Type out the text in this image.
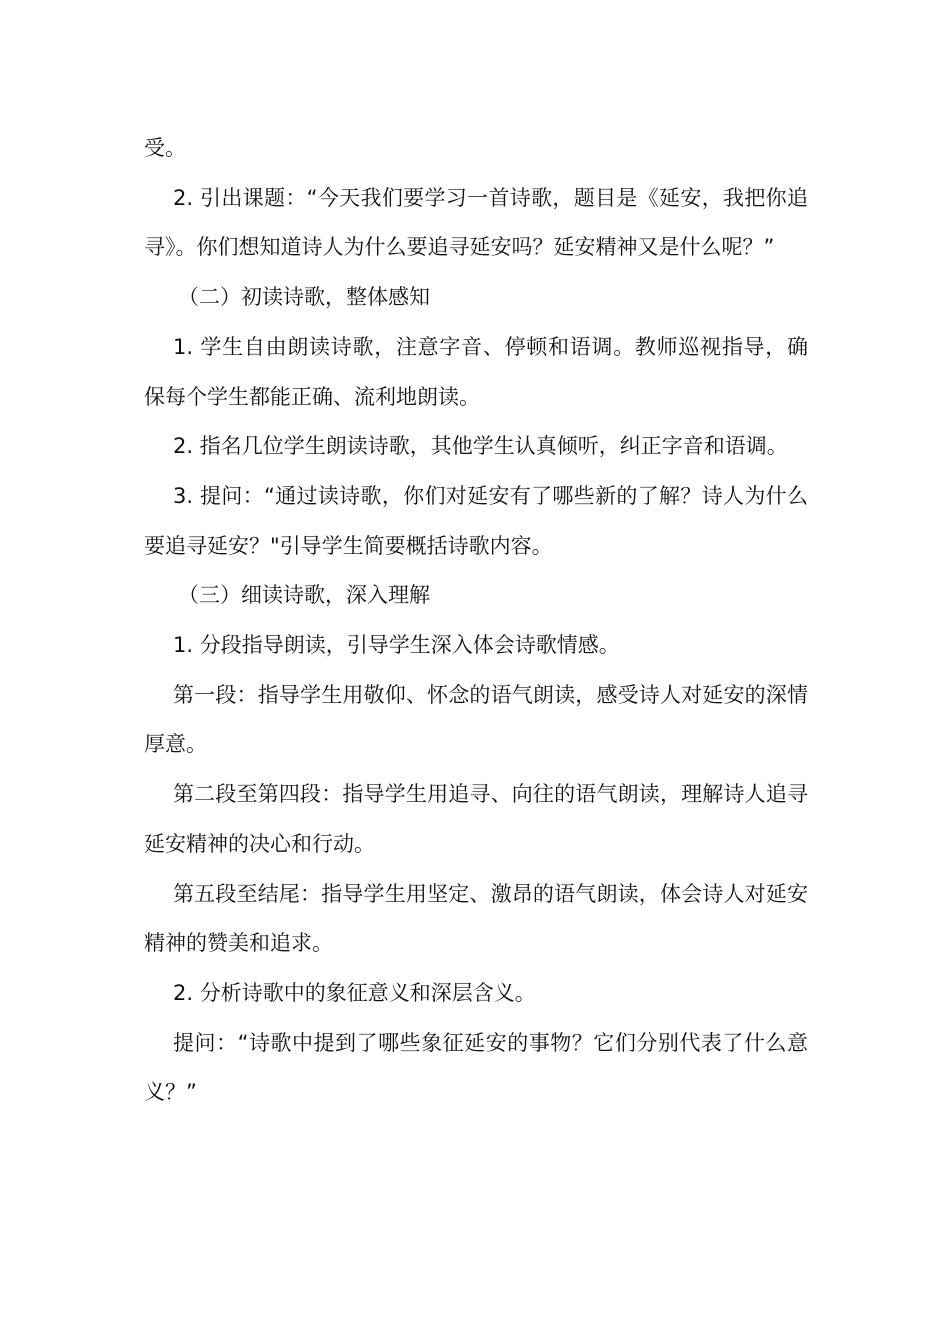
受。

2. 引出课题：“今天我们要学习一首诗歌，题目是《延安，我把你追寻》。你们想知道诗人为什么要追寻延安吗？延安精神又是什么呢？”

（二）初读诗歌，整体感知

1. 学生自由朗读诗歌，注意字音、停顿和语调。教师巡视指导，确保每个学生都能正确、流利地朗读。

2. 指名几位学生朗读诗歌，其他学生认真倾听，纠正字音和语调。

3. 提问：“通过读诗歌，你们对延安有了哪些新的了解？诗人为什么要追寻延安？"引导学生简要概括诗歌内容。

（三）细读诗歌，深入理解

1. 分段指导朗读，引导学生深入体会诗歌情感。

第一段：指导学生用敬仰、怀念的语气朗读，感受诗人对延安的深情厚意。

第二段至第四段：指导学生用追寻、向往的语气朗读，理解诗人追寻延安精神的决心和行动。

第五段至结尾：指导学生用坚定、激昂的语气朗读，体会诗人对延安精神的赞美和追求。

2. 分析诗歌中的象征意义和深层含义。

提问：“诗歌中提到了哪些象征延安的事物？它们分别代表了什么意义？”
